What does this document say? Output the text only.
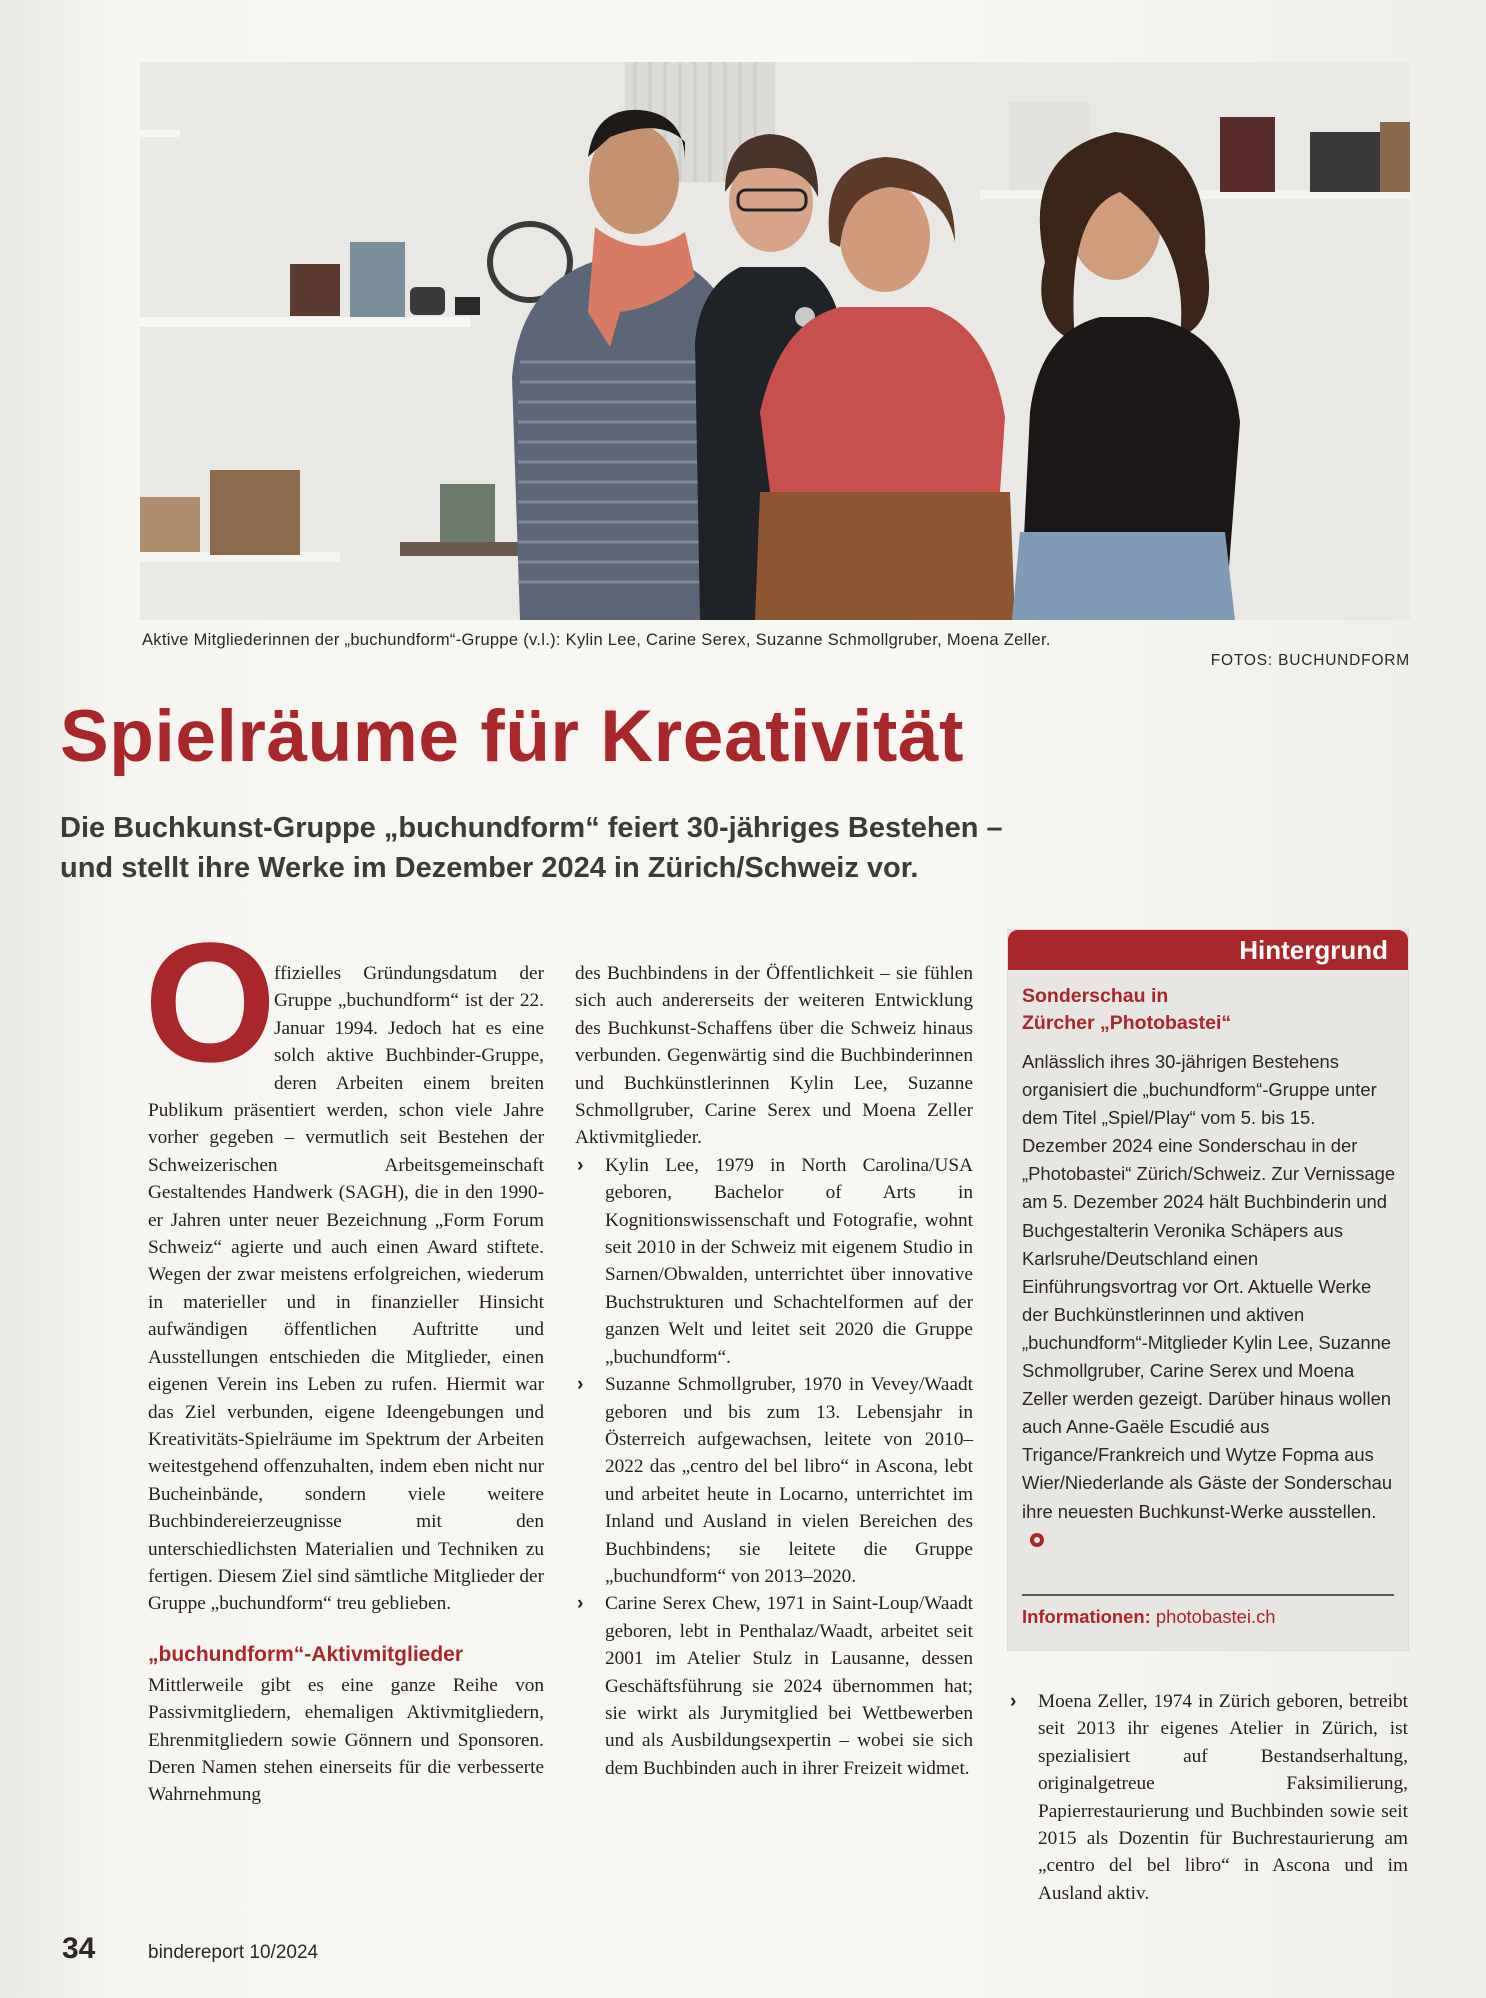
Aktive Mitgliederinnen der „buchundform“-Gruppe (v.l.): Kylin Lee, Carine Serex, Suzanne Schmollgruber, Moena Zeller.
FOTOS: BUCHUNDFORM
Spielräume für Kreativität
Die Buchkunst-Gruppe „buchundform“ feiert 30-jähriges Bestehen –
und stellt ihre Werke im Dezember 2024 in Zürich/Schweiz vor.

O
ffizielles Gründungsdatum der Gruppe „buchundform“ ist der 22. Januar 1994. Jedoch hat es eine solch aktive Buchbinder-Gruppe, deren Arbeiten einem breiten Publikum präsentiert werden, schon viele Jahre vorher gegeben – vermutlich seit Bestehen der Schweizerischen Arbeitsgemeinschaft Gestaltendes Handwerk (SAGH), die in den 1990-er Jahren unter neuer Bezeichnung „Form Forum Schweiz“ agierte und auch einen Award stiftete. Wegen der zwar meistens erfolgreichen, wiederum in materieller und in finanzieller Hinsicht aufwändigen öffentlichen Auftritte und Ausstellungen entschieden die Mitglieder, einen eigenen Verein ins Leben zu rufen. Hiermit war das Ziel verbunden, eigene Ideengebungen und Kreativitäts-Spielräume im Spektrum der Arbeiten weitestgehend offenzuhalten, indem eben nicht nur Bucheinbände, sondern viele weitere Buchbindereierzeugnisse mit den unterschiedlichsten Materialien und Techniken zu fertigen. Diesem Ziel sind sämtliche Mitglieder der Gruppe „buchundform“ treu geblieben.

„buchundform“-Aktivmitglieder

Mittlerweile gibt es eine ganze Reihe von Passivmitgliedern, ehemaligen Aktivmitgliedern, Ehrenmitgliedern sowie Gönnern und Sponsoren. Deren Namen stehen einerseits für die verbesserte Wahrnehmung

des Buchbindens in der Öffentlichkeit – sie fühlen sich auch andererseits der weiteren Entwicklung des Buchkunst-Schaffens über die Schweiz hinaus verbunden. Gegenwärtig sind die Buchbinderinnen und Buchkünstlerinnen Kylin Lee, Suzanne Schmollgruber, Carine Serex und Moena Zeller Aktivmitglieder.

› Kylin Lee, 1979 in North Carolina/USA geboren, Bachelor of Arts in Kognitionswissenschaft und Fotografie, wohnt seit 2010 in der Schweiz mit eigenem Studio in Sarnen/Obwalden, unterrichtet über innovative Buchstrukturen und Schachtelformen auf der ganzen Welt und leitet seit 2020 die Gruppe „buchundform“.

› Suzanne Schmollgruber, 1970 in Vevey/Waadt geboren und bis zum 13. Lebensjahr in Österreich aufgewachsen, leitete von 2010–2022 das „centro del bel libro“ in Ascona, lebt und arbeitet heute in Locarno, unterrichtet im Inland und Ausland in vielen Bereichen des Buchbindens; sie leitete die Gruppe „buchundform“ von 2013–2020.

› Carine Serex Chew, 1971 in Saint-Loup/Waadt geboren, lebt in Penthalaz/Waadt, arbeitet seit 2001 im Atelier Stulz in Lausanne, dessen Geschäftsführung sie 2024 übernommen hat; sie wirkt als Jurymitglied bei Wettbewerben und als Ausbildungsexpertin – wobei sie sich dem Buchbinden auch in ihrer Freizeit widmet.

Hintergrund
Sonderschau in
Zürcher „Photobastei“
Anlässlich ihres 30-jährigen Bestehens organisiert die „buchundform“-Gruppe unter dem Titel „Spiel/Play“ vom 5. bis 15. Dezember 2024 eine Sonderschau in der „Photobastei“ Zürich/Schweiz. Zur Vernissage am 5. Dezember 2024 hält Buchbinderin und Buchgestalterin Veronika Schäpers aus Karlsruhe/Deutschland einen Einführungsvortrag vor Ort. Aktuelle Werke der Buchkünstlerinnen und aktiven „buchundform“-Mitglieder Kylin Lee, Suzanne Schmollgruber, Carine Serex und Moena Zeller werden gezeigt. Darüber hinaus wollen auch Anne-Gaële Escudié aus Trigance/Frankreich und Wytze Fopma aus Wier/Niederlande als Gäste der Sonderschau ihre neuesten Buchkunst-Werke ausstellen.
Informationen: photobastei.ch

› Moena Zeller, 1974 in Zürich geboren, betreibt seit 2013 ihr eigenes Atelier in Zürich, ist spezialisiert auf Bestandserhaltung, originalgetreue Faksimilierung, Papierrestaurierung und Buchbinden sowie seit 2015 als Dozentin für Buchrestaurierung am „centro del bel libro“ in Ascona und im Ausland aktiv.

34	bindereport 10/2024
